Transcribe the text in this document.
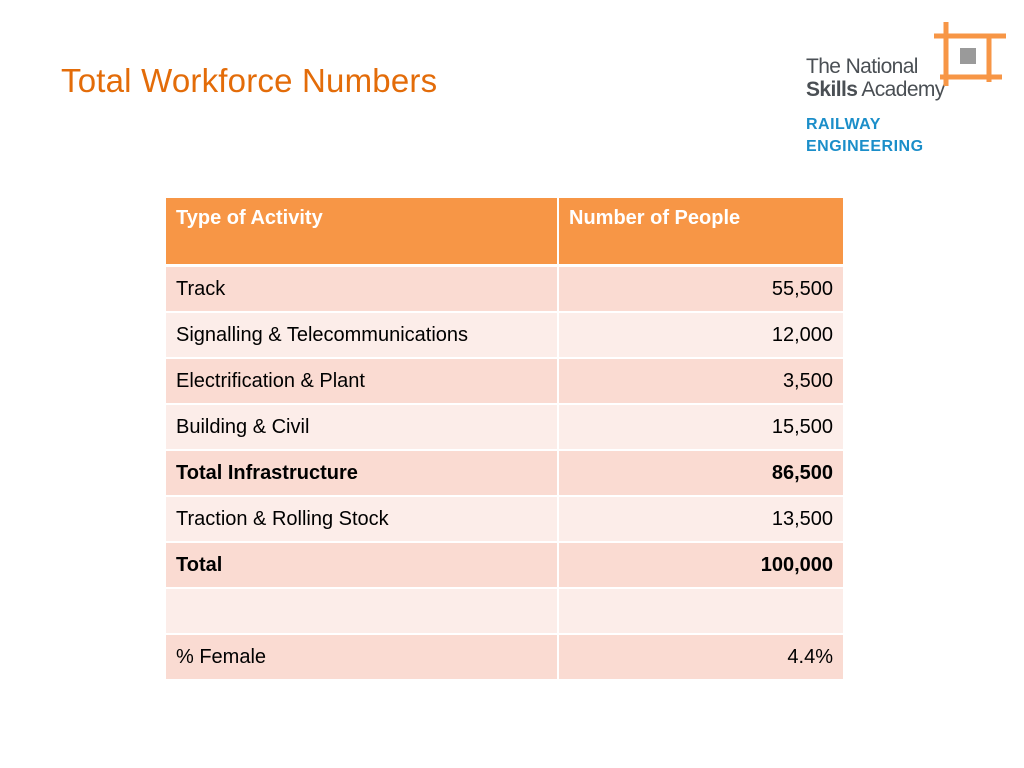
Total Workforce Numbers	The National
Skills Academy
RAILWAY
ENGINEERING
Type of Activity	Number of People
Track	55,500
Signalling & Telecommunications	12,000
Electrification & Plant	3,500
Building & Civil	15,500
Total Infrastructure	86,500
Traction & Rolling Stock	13,500
Total	100,000

% Female	4.4%
